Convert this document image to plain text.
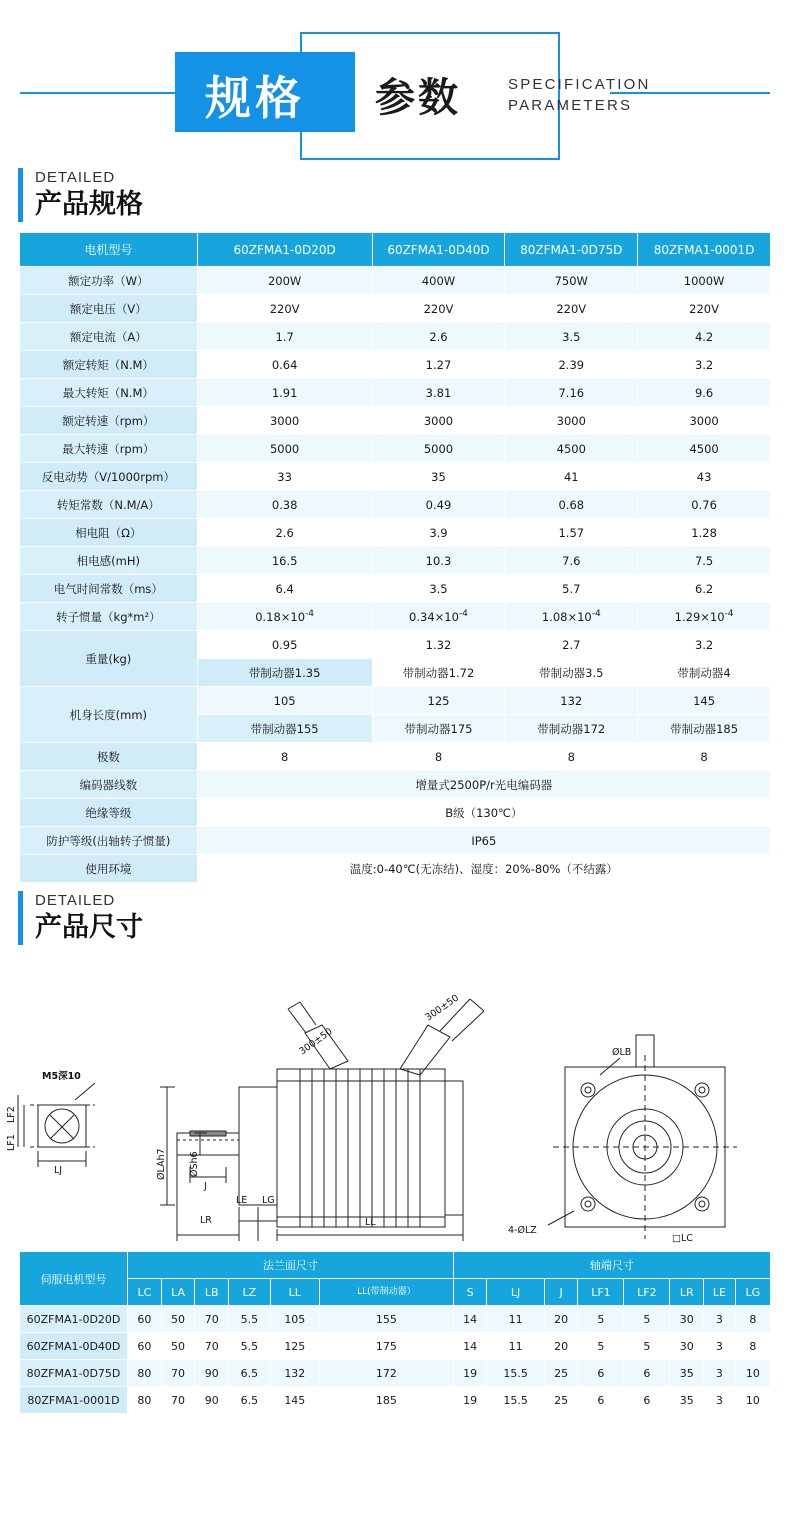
规格 参数	SPECIFICATION
PARAMETERS
DETAILED
产品规格
电机型号	60ZFMA1-0D20D	60ZFMA1-0D40D	80ZFMA1-0D75D	80ZFMA1-0001D
额定功率（W）	200W	400W	750W	1000W
额定电压（V）	220V	220V	220V	220V
额定电流（A）	1.7	2.6	3.5	4.2
额定转矩（N.M）	0.64	1.27	2.39	3.2
最大转矩（N.M）	1.91	3.81	7.16	9.6
额定转速（rpm）	3000	3000	3000	3000
最大转速（rpm）	5000	5000	4500	4500
反电动势（V/1000rpm）	33	35	41	43
转矩常数（N.M/A）	0.38	0.49	0.68	0.76
相电阻（Ω）	2.6	3.9	1.57	1.28
相电感(mH)	16.5	10.3	7.6	7.5
电气时间常数（ms）	6.4	3.5	5.7	6.2
转子惯量（kg*m²）	$0.18\times 10^{-4}$	$0.34\times 10^{-4}$	$1.08\times 10^{-4}$	$1.29\times 10^{-4}$
重量(kg)	0.95	1.32	2.7	3.2
	带制动器1.35	带制动器1.72	带制动器3.5	带制动器4
机身长度(mm)	105	125	132	145
	带制动器155	带制动器175	带制动器172	带制动器185
极数	8	8	8	8
编码器线数	增量式2500P/r光电编码器			
绝缘等级	B级（130℃）			
防护等级(出轴转子惯量)	IP65			
使用环境	温度:0-40℃(无冻结)、湿度：20%-80%（不结露）			
DETAILED
产品尺寸
300±50
300±50
M5深10
LF1
LF2
LJ	ØLAh7 ØSh6
J
LE LG
LR	LL
ØLB
4-ØLZ
□LC
伺服电机型号	法兰面尺寸						轴端尺寸							
	LC	LA	LB	LZ	LL	LL(带制动器）	S	LJ	J	LF1	LF2	LR	LE	LG
60ZFMA1-0D20D	60	50	70	5.5	105	155	14	11	20	5	5	30	3	8
60ZFMA1-0D40D	60	50	70	5.5	125	175	14	11	20	5	5	30	3	8
80ZFMA1-0D75D	80	70	90	6.5	132	172	19	15.5	25	6	6	35	3	10
80ZFMA1-0001D	80	70	90	6.5	145	185	19	15.5	25	6	6	35	3	10
